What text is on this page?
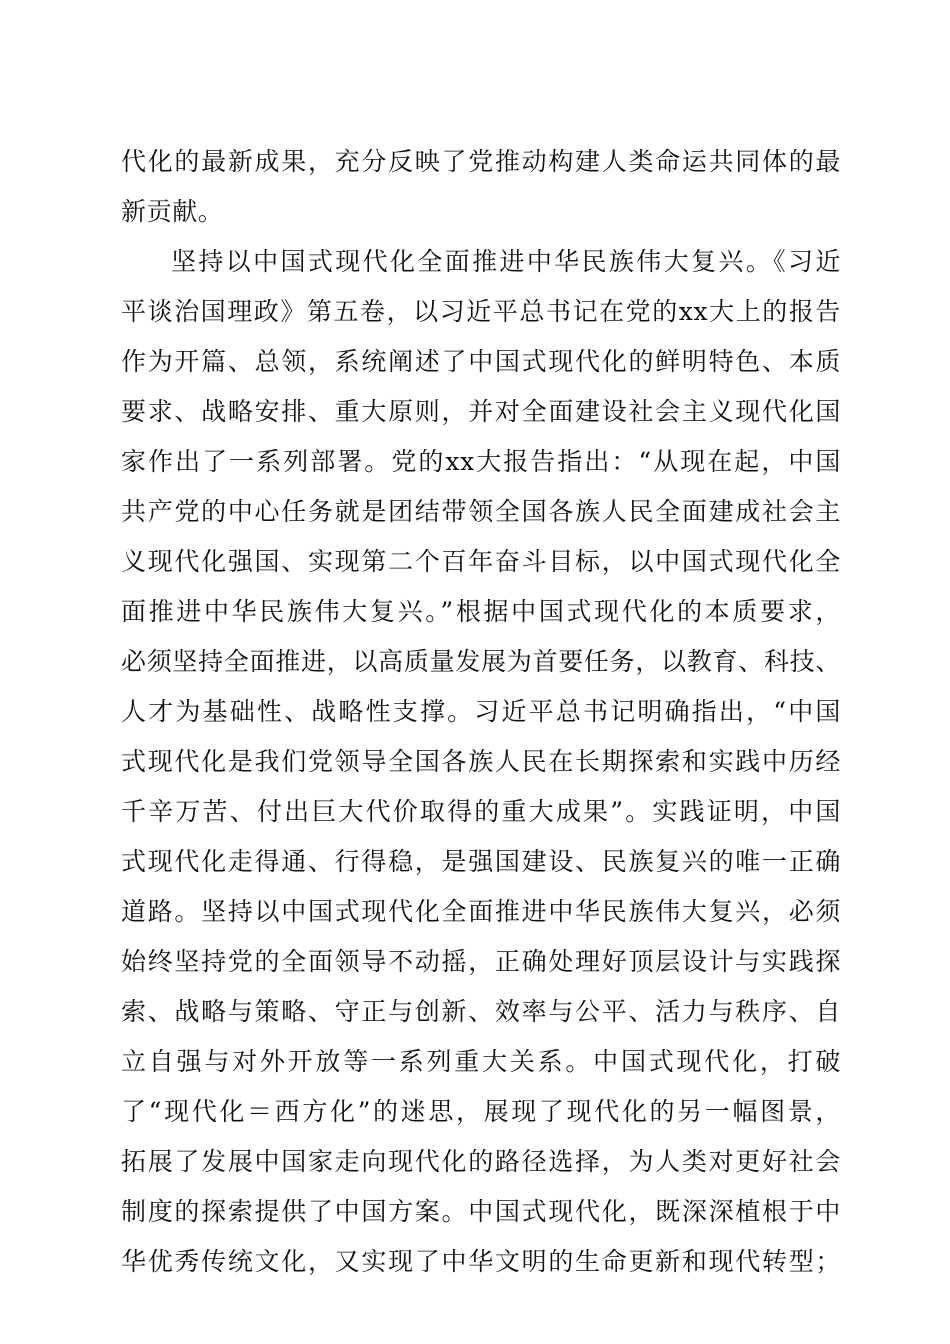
代化的最新成果，充分反映了党推动构建人类命运共同体的最
新贡献。
坚持以中国式现代化全面推进中华民族伟大复兴。《习近
平谈治国理政》第五卷，以习近平总书记在党的xx大上的报告
作为开篇、总领，系统阐述了中国式现代化的鲜明特色、本质
要求、战略安排、重大原则，并对全面建设社会主义现代化国
家作出了一系列部署。党的xx大报告指出：“从现在起，中国
共产党的中心任务就是团结带领全国各族人民全面建成社会主
义现代化强国、实现第二个百年奋斗目标，以中国式现代化全
面推进中华民族伟大复兴。”根据中国式现代化的本质要求，
必须坚持全面推进，以高质量发展为首要任务，以教育、科技、
人才为基础性、战略性支撑。习近平总书记明确指出，“中国
式现代化是我们党领导全国各族人民在长期探索和实践中历经
千辛万苦、付出巨大代价取得的重大成果”。实践证明，中国
式现代化走得通、行得稳，是强国建设、民族复兴的唯一正确
道路。坚持以中国式现代化全面推进中华民族伟大复兴，必须
始终坚持党的全面领导不动摇，正确处理好顶层设计与实践探
索、战略与策略、守正与创新、效率与公平、活力与秩序、自
立自强与对外开放等一系列重大关系。中国式现代化，打破
了“现代化＝西方化”的迷思，展现了现代化的另一幅图景，
拓展了发展中国家走向现代化的路径选择，为人类对更好社会
制度的探索提供了中国方案。中国式现代化，既深深植根于中
华优秀传统文化，又实现了中华文明的生命更新和现代转型；
